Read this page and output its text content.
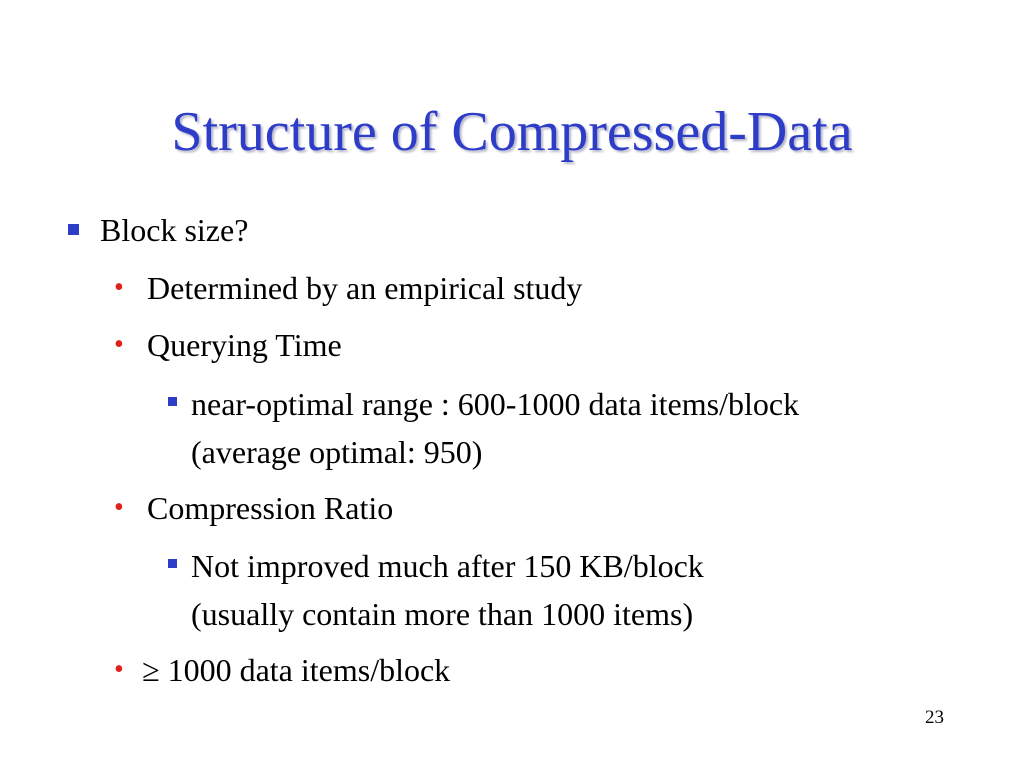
Structure of Compressed-Data
Block size?
• Determined by an empirical study
• Querying Time
near-optimal range : 600-1000 data items/block
(average optimal: 950)
• Compression Ratio
Not improved much after 150 KB/block
(usually contain more than 1000 items)
• ≥ 1000 data items/block
23
